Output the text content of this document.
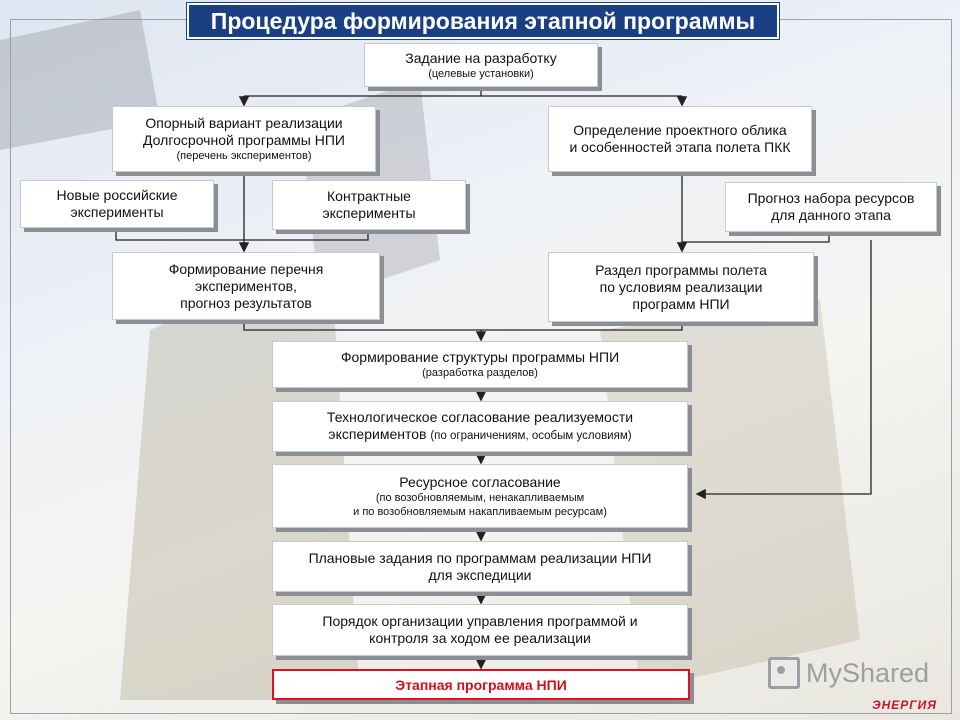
Процедура формирования этапной программы
Задание на разработку
(целевые установки)
Опорный вариант реализации
Долгосрочной программы НПИ
(перечень экспериментов)
Определение проектного облика
и особенностей этапа полета ПКК
Новые российские
эксперименты
Контрактные
эксперименты
Прогноз набора ресурсов
для данного этапа
Формирование перечня
экспериментов,
прогноз результатов
Раздел программы полета
по условиям реализации
программ НПИ
Формирование структуры программы НПИ
(разработка разделов)
Технологическое согласование реализуемости
экспериментов (по ограничениям, особым условиям)
Ресурсное согласование
(по возобновляемым, ненакапливаемым
и по возобновляемым накапливаемым ресурсам)
Плановые задания по программам реализации НПИ
для экспедиции
Порядок организации управления программой и
контроля за ходом ее реализации
Этапная программа НПИ	MyShared
ЭНЕРГИЯ
